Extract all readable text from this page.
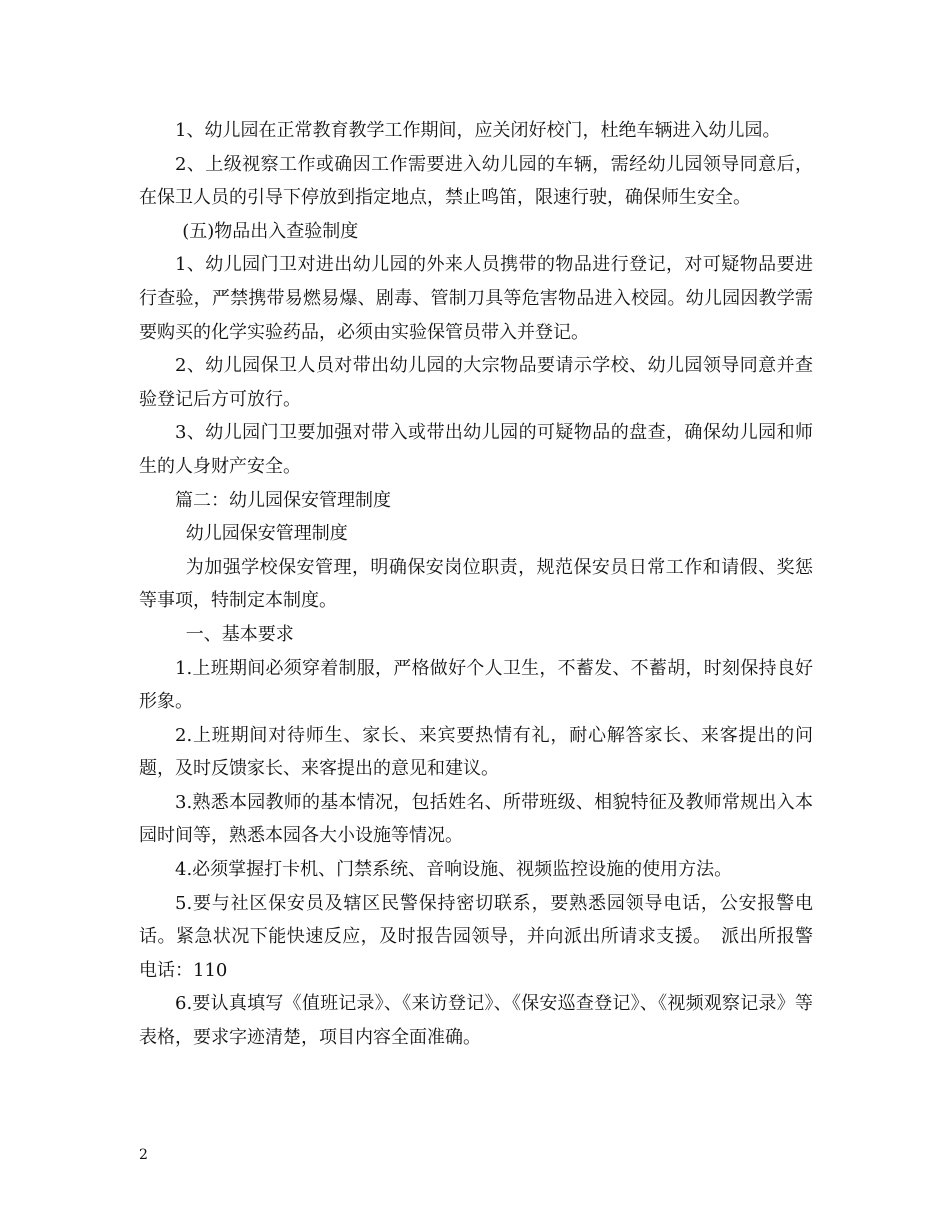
1、幼儿园在正常教育教学工作期间，应关闭好校门，杜绝车辆进入幼儿园。

2、上级视察工作或确因工作需要进入幼儿园的车辆，需经幼儿园领导同意后，在保卫人员的引导下停放到指定地点，禁止鸣笛，限速行驶，确保师生安全。

(五)物品出入查验制度

1、幼儿园门卫对进出幼儿园的外来人员携带的物品进行登记，对可疑物品要进行查验，严禁携带易燃易爆、剧毒、管制刀具等危害物品进入校园。幼儿园因教学需要购买的化学实验药品，必须由实验保管员带入并登记。

2、幼儿园保卫人员对带出幼儿园的大宗物品要请示学校、幼儿园领导同意并查验登记后方可放行。

3、幼儿园门卫要加强对带入或带出幼儿园的可疑物品的盘查，确保幼儿园和师生的人身财产安全。

篇二：幼儿园保安管理制度

幼儿园保安管理制度

为加强学校保安管理，明确保安岗位职责，规范保安员日常工作和请假、奖惩等事项，特制定本制度。

一、基本要求

1.上班期间必须穿着制服，严格做好个人卫生，不蓄发、不蓄胡，时刻保持良好形象。

2.上班期间对待师生、家长、来宾要热情有礼，耐心解答家长、来客提出的问题，及时反馈家长、来客提出的意见和建议。

3.熟悉本园教师的基本情况，包括姓名、所带班级、相貌特征及教师常规出入本园时间等，熟悉本园各大小设施等情况。

4.必须掌握打卡机、门禁系统、音响设施、视频监控设施的使用方法。

5.要与社区保安员及辖区民警保持密切联系，要熟悉园领导电话，公安报警电话。紧急状况下能快速反应，及时报告园领导，并向派出所请求支援。　派出所报警电话：110

6.要认真填写《值班记录》、《来访登记》、《保安巡查登记》、《视频观察记录》等表格，要求字迹清楚，项目内容全面准确。

2
